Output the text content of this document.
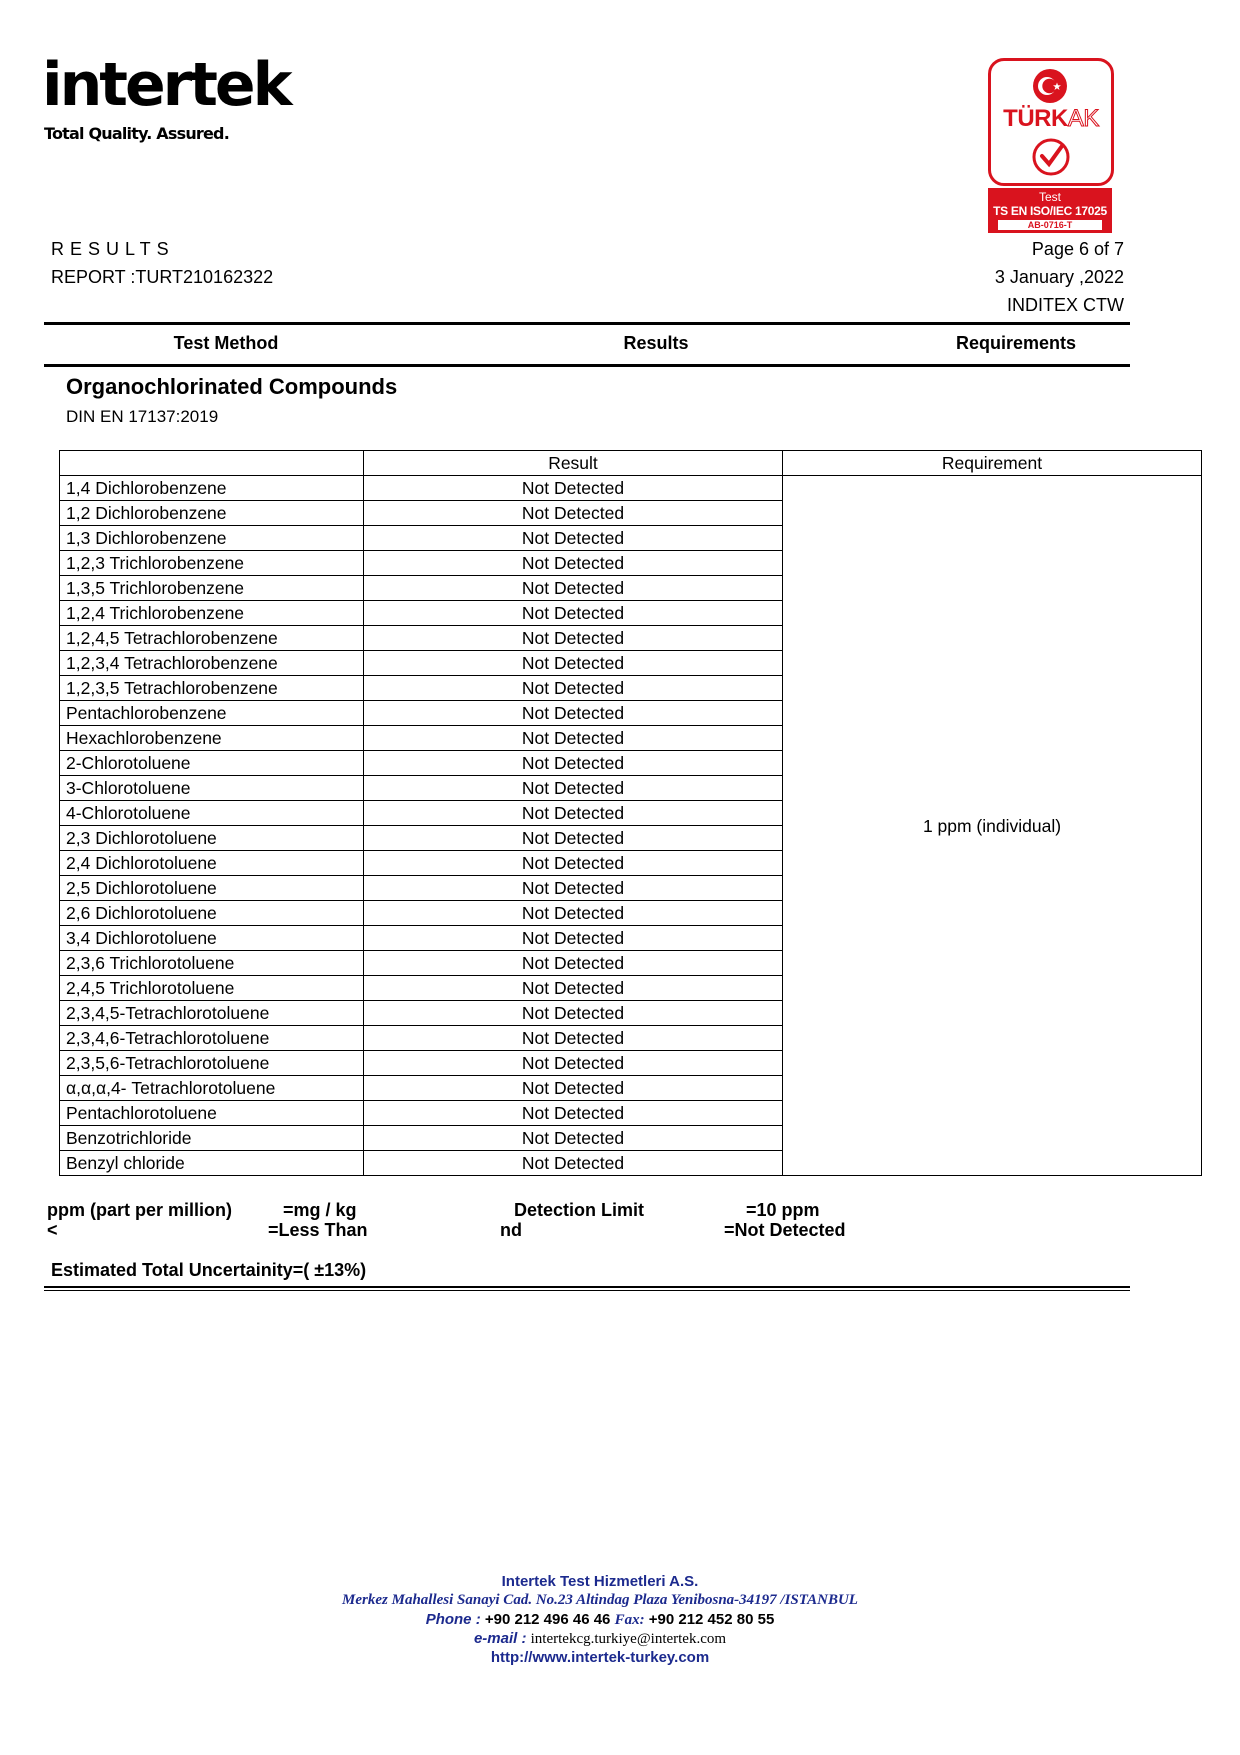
intertek
Total Quality. Assured.
TÜRKAK
Test
TS EN ISO/IEC 17025
AB-0716-T
RESULTS
REPORT :TURT210162322
Page 6 of 7
3 January ,2022
INDITEX CTW
Test Method	Results	Requirements
Organochlorinated Compounds
DIN EN 17137:2019
	Result	Requirement
1,4 Dichlorobenzene	Not Detected	1 ppm (individual)
1,2 Dichlorobenzene	Not Detected	
1,3 Dichlorobenzene	Not Detected	
1,2,3 Trichlorobenzene	Not Detected	
1,3,5 Trichlorobenzene	Not Detected	
1,2,4 Trichlorobenzene	Not Detected	
1,2,4,5 Tetrachlorobenzene	Not Detected	
1,2,3,4 Tetrachlorobenzene	Not Detected	
1,2,3,5 Tetrachlorobenzene	Not Detected	
Pentachlorobenzene	Not Detected	
Hexachlorobenzene	Not Detected	
2-Chlorotoluene	Not Detected	
3-Chlorotoluene	Not Detected	
4-Chlorotoluene	Not Detected	
2,3 Dichlorotoluene	Not Detected	
2,4 Dichlorotoluene	Not Detected	
2,5 Dichlorotoluene	Not Detected	
2,6 Dichlorotoluene	Not Detected	
3,4 Dichlorotoluene	Not Detected	
2,3,6 Trichlorotoluene	Not Detected	
2,4,5 Trichlorotoluene	Not Detected	
2,3,4,5-Tetrachlorotoluene	Not Detected	
2,3,4,6-Tetrachlorotoluene	Not Detected	
2,3,5,6-Tetrachlorotoluene	Not Detected	
α,α,α,4- Tetrachlorotoluene	Not Detected	
Pentachlorotoluene	Not Detected	
Benzotrichloride	Not Detected	
Benzyl chloride	Not Detected	
ppm (part per million)	=mg / kg	Detection Limit	=10 ppm
<	=Less Than	nd	=Not Detected
Estimated Total Uncertainity=( ±13%)
Intertek Test Hizmetleri A.S.
Merkez Mahallesi Sanayi Cad. No.23 Altindag Plaza Yenibosna-34197 /ISTANBUL
Phone : +90 212 496 46 46 Fax: +90 212 452 80 55
e-mail : intertekcg.turkiye@intertek.com
http://www.intertek-turkey.com
